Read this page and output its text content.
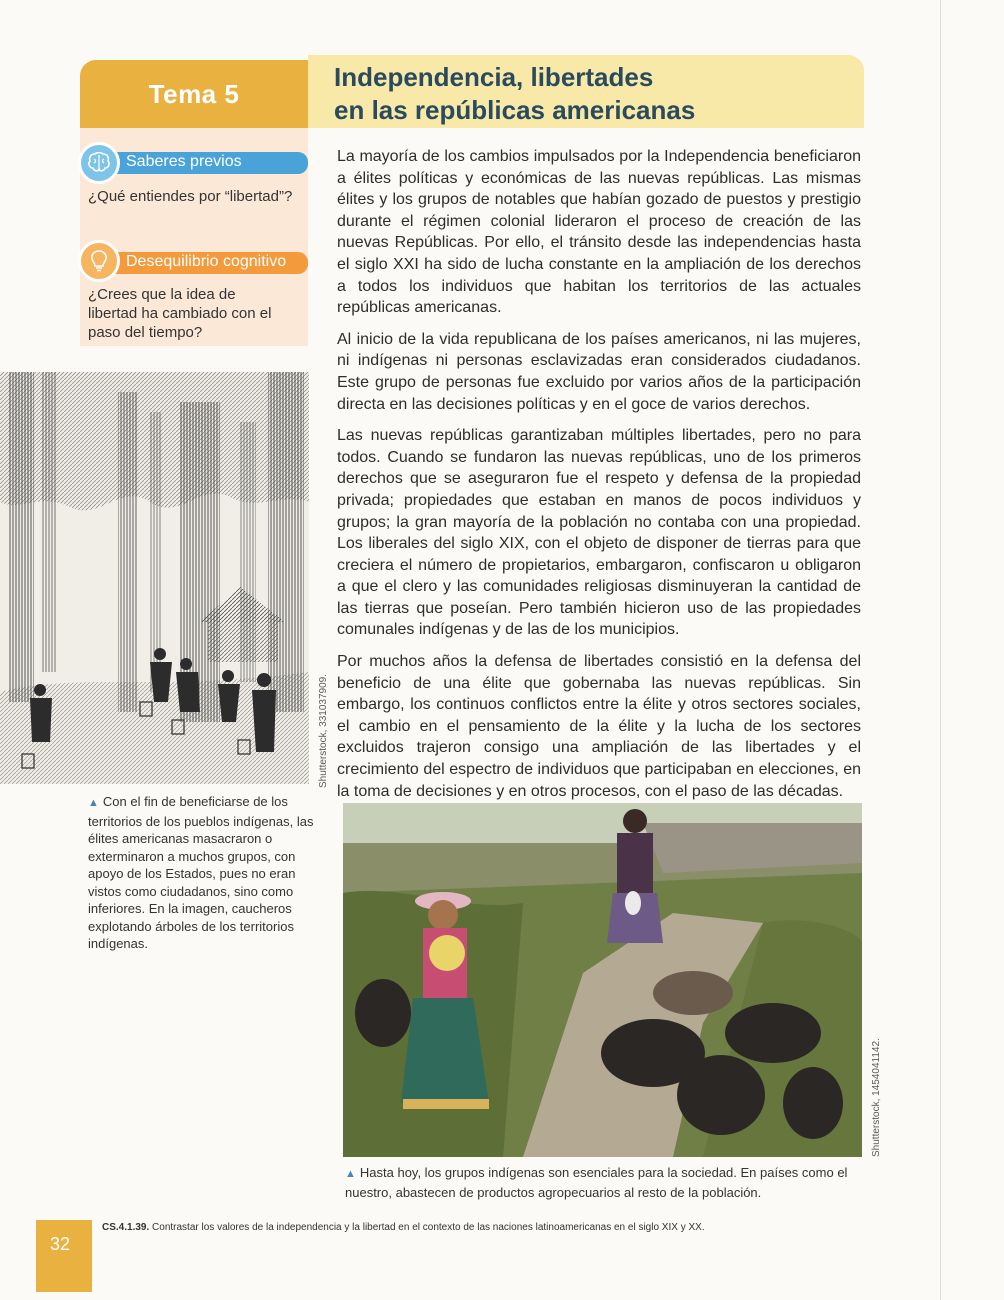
Tema 5
Independencia, libertades
en las repúblicas americanas
Saberes previos
¿Qué entiendes por “libertad”?
Desequilibrio cognitivo
¿Crees que la idea de libertad ha cambiado con el paso del tiempo?
Shutterstock, 331037909.
▲ Con el fin de beneficiarse de los territorios de los pueblos indígenas, las élites americanas masacraron o exterminaron a muchos grupos, con apoyo de los Estados, pues no eran vistos como ciudadanos, sino como inferiores. En la imagen, caucheros explotando árboles de los territorios indígenas.

La mayoría de los cambios impulsados por la Independencia beneficiaron a élites políticas y económicas de las nuevas repúblicas. Las mismas élites y los grupos de notables que habían gozado de puestos y prestigio durante el régimen colonial lideraron el proceso de creación de las nuevas Repúblicas. Por ello, el tránsito desde las independencias hasta el siglo XXI ha sido de lucha constante en la ampliación de los derechos a todos los individuos que habitan los territorios de las actuales repúblicas americanas.

Al inicio de la vida republicana de los países americanos, ni las mujeres, ni indígenas ni personas esclavizadas eran considerados ciudadanos. Este grupo de personas fue excluido por varios años de la participación directa en las decisiones políticas y en el goce de varios derechos.

Las nuevas repúblicas garantizaban múltiples libertades, pero no para todos. Cuando se fundaron las nuevas repúblicas, uno de los primeros derechos que se aseguraron fue el respeto y defensa de la propiedad privada; propiedades que estaban en manos de pocos individuos y grupos; la gran mayoría de la población no contaba con una propiedad. Los liberales del siglo XIX, con el objeto de disponer de tierras para que creciera el número de propietarios, embargaron, confiscaron u obligaron a que el clero y las comunidades religiosas disminuyeran la cantidad de las tierras que poseían. Pero también hicieron uso de las propiedades comunales indígenas y de las de los municipios.

Por muchos años la defensa de libertades consistió en la defensa del beneficio de una élite que gobernaba las nuevas repúblicas. Sin embargo, los continuos conflictos entre la élite y otros sectores sociales, el cambio en el pensamiento de la élite y la lucha de los sectores excluidos trajeron consigo una ampliación de las libertades y el crecimiento del espectro de individuos que participaban en elecciones, en la toma de decisiones y en otros procesos, con el paso de las décadas.

Shutterstock, 1454041142.
▲ Hasta hoy, los grupos indígenas son esenciales para la sociedad. En países como el nuestro, abastecen de productos agropecuarios al resto de la población.
32
CS.4.1.39. Contrastar los valores de la independencia y la libertad en el contexto de las naciones latinoamericanas en el siglo XIX y XX.
